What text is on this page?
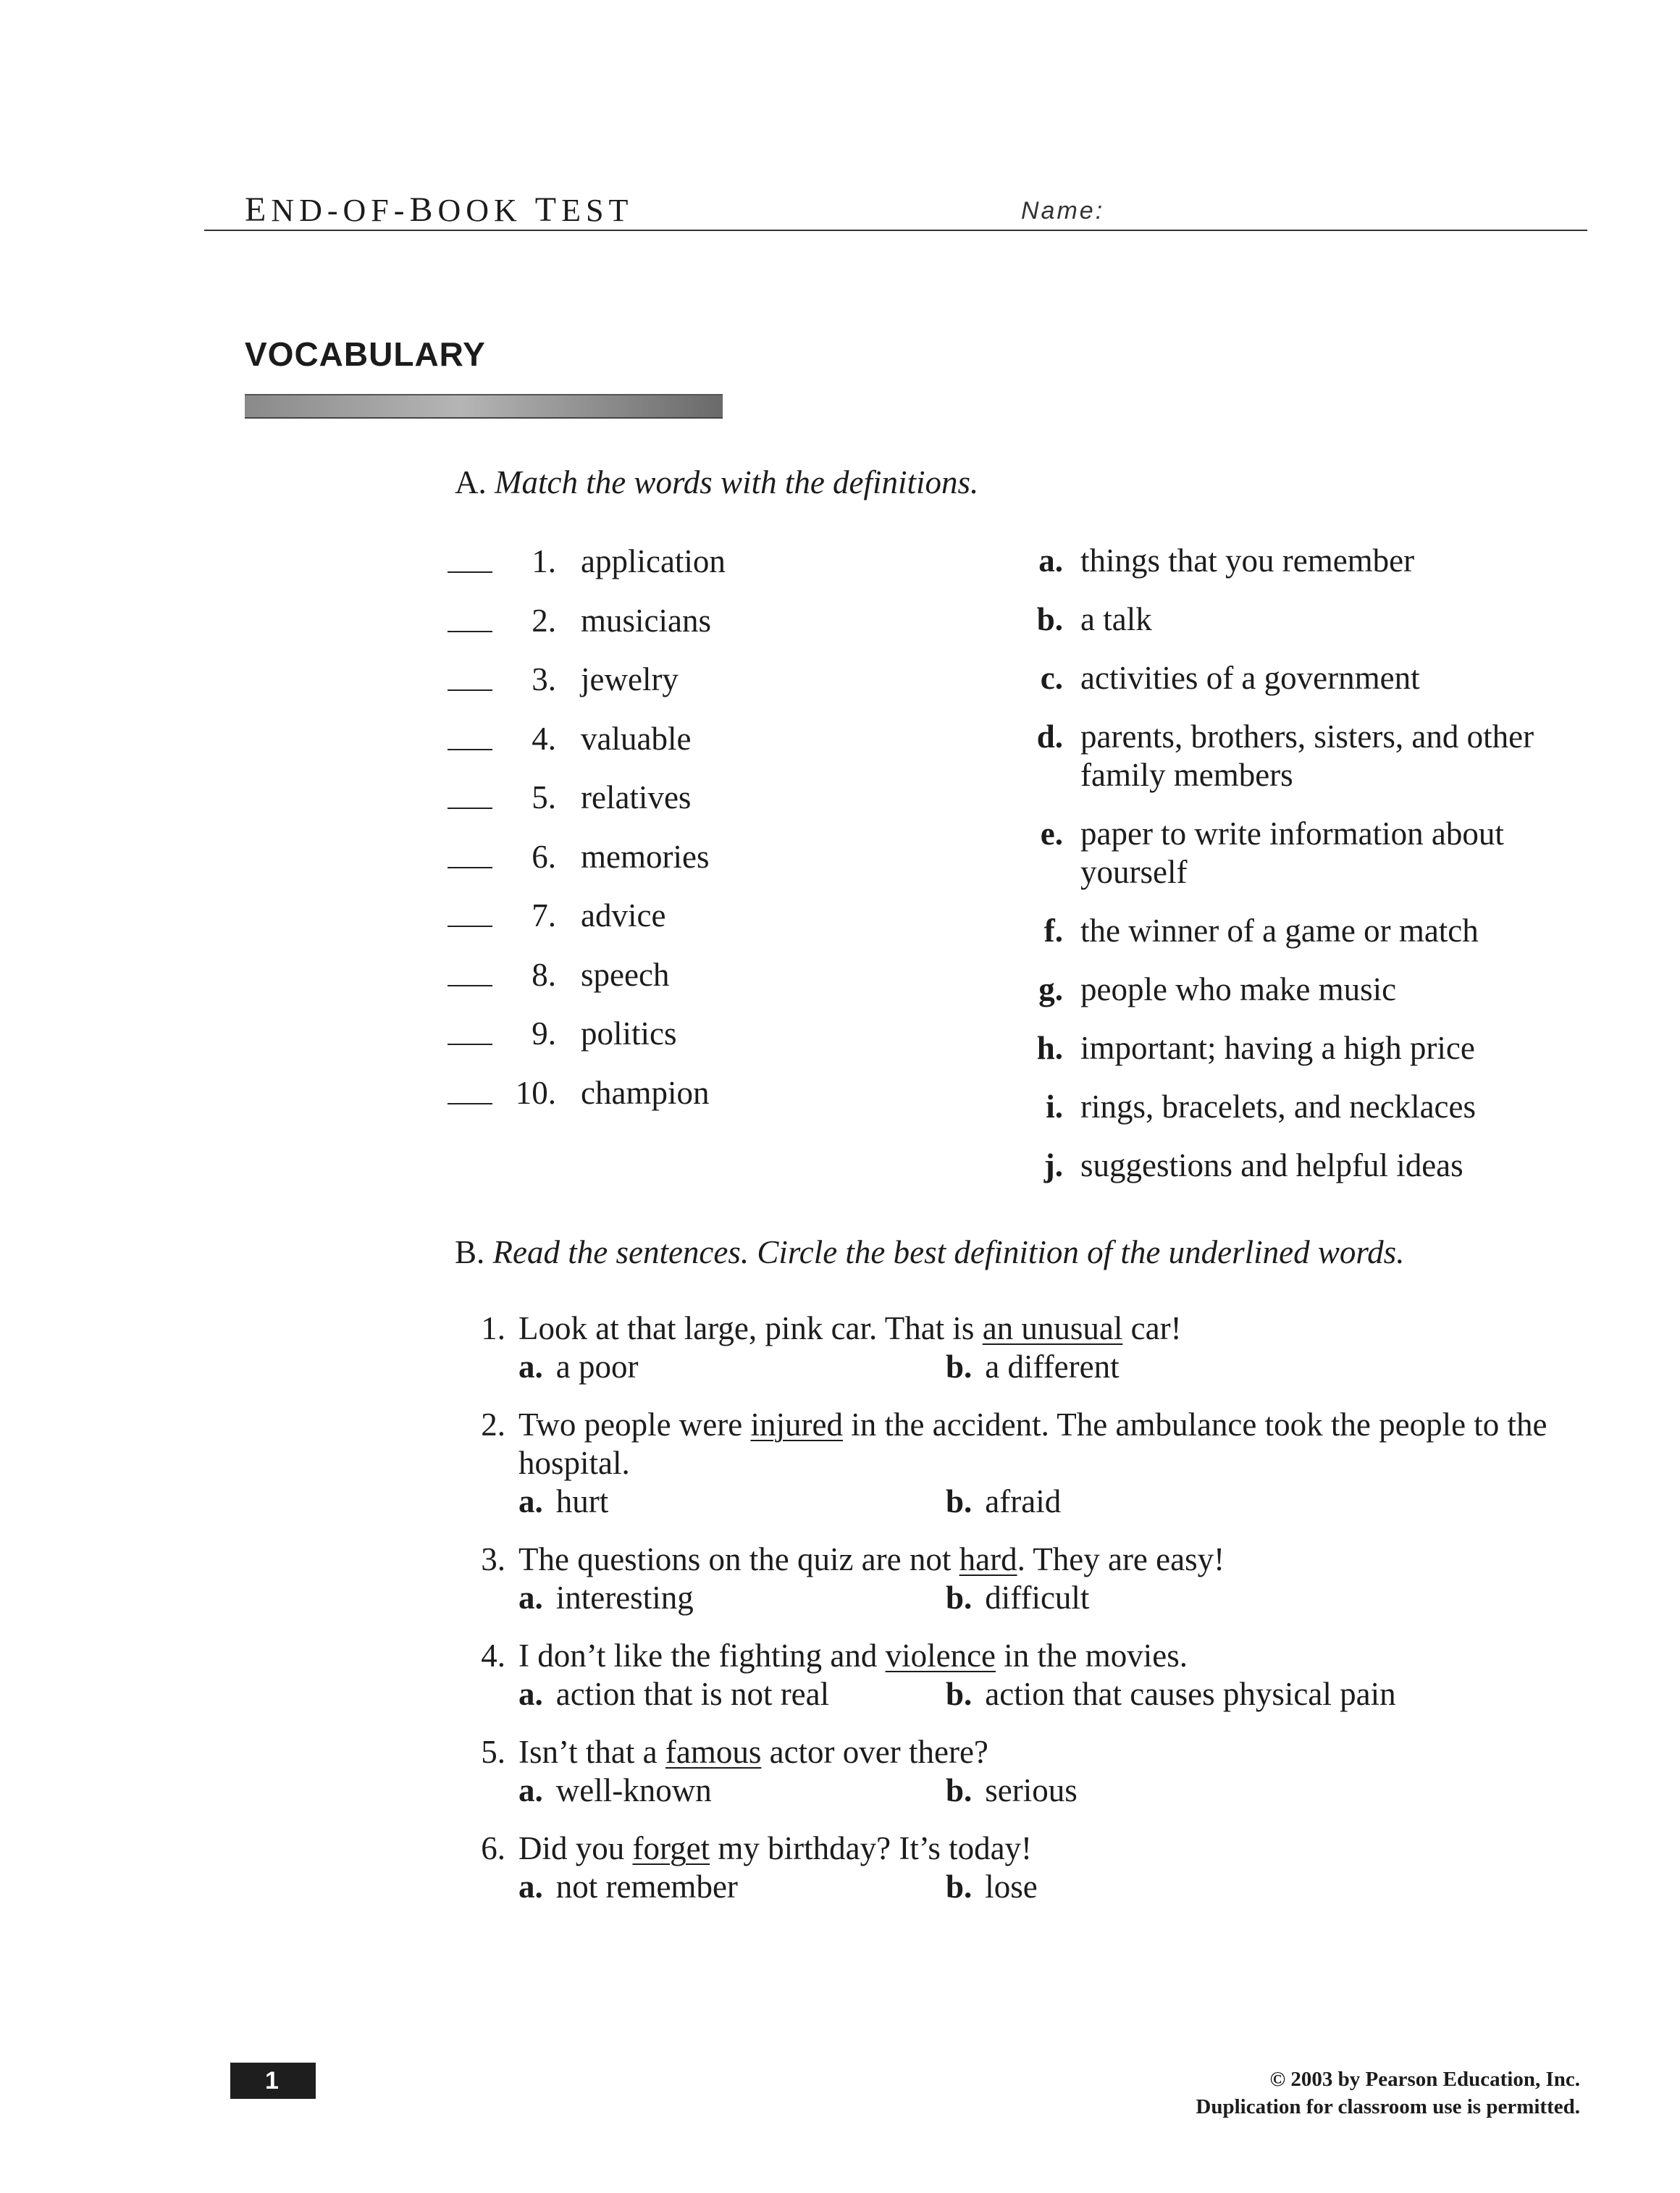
END-OF-BOOK TEST	Name:
VOCABULARY
A. Match the words with the definitions.
1. application
2. musicians
3. jewelry
4. valuable
5. relatives
6. memories
7. advice
8. speech
9. politics
10. champion
a. things that you remember
b. a talk
c. activities of a government
d. parents, brothers, sisters, and other family members
e. paper to write information about yourself
f. the winner of a game or match
g. people who make music
h. important; having a high price
i. rings, bracelets, and necklaces
j. suggestions and helpful ideas
B. Read the sentences. Circle the best definition of the underlined words.
1. Look at that large, pink car. That is an unusual car!
a. a poor	b. a different
2. Two people were injured in the accident. The ambulance took the people to the hospital.
a. hurt	b. afraid
3. The questions on the quiz are not hard. They are easy!
a. interesting	b. difficult
4. I don’t like the fighting and violence in the movies.
a. action that is not real	b. action that causes physical pain
5. Isn’t that a famous actor over there?
a. well-known	b. serious
6. Did you forget my birthday? It’s today!
a. not remember	b. lose
1	© 2003 by Pearson Education, Inc.
Duplication for classroom use is permitted.
